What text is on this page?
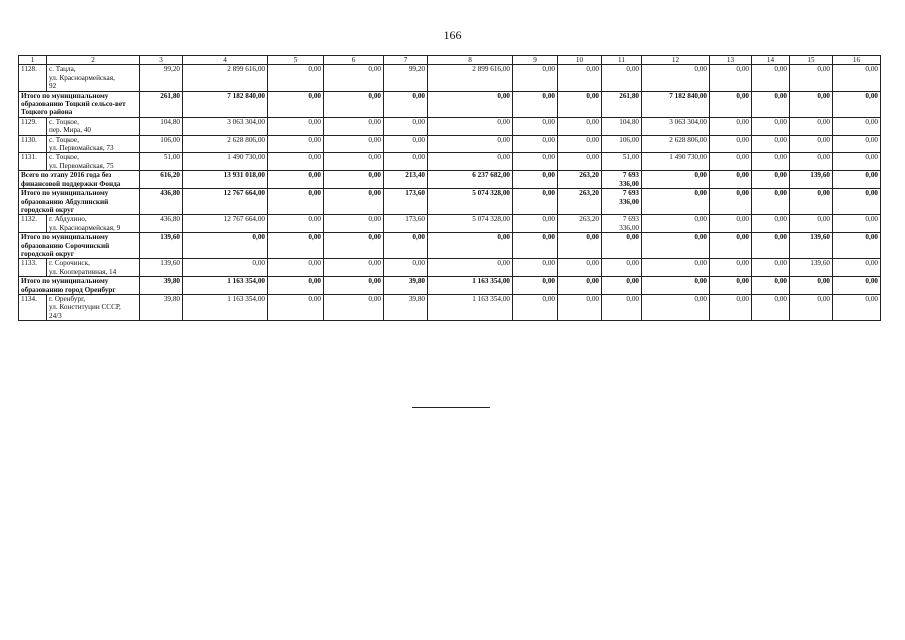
166
1	2	3	4	5	6	7	8	9	10	11	12	13	14	15	16
1128.	с. Тацла,
ул. Красноармейская,
92	99,20	2 899 616,00	0,00	0,00	99,20	2 899 616,00	0,00	0,00	0,00	0,00	0,00	0,00	0,00	0,00
Итого по муниципальному образованию Тоцкий сельсо-вет Тоцкого района		261,80	7 182 840,00	0,00	0,00	0,00	0,00	0,00	0,00	261,80	7 182 840,00	0,00	0,00	0,00	0,00
1129.	с. Тоцкое,
пер. Мира, 40	104,80	3 063 304,00	0,00	0,00	0,00	0,00	0,00	0,00	104,80	3 063 304,00	0,00	0,00	0,00	0,00
1130.	с. Тоцкое,
ул. Первомайская, 73	106,00	2 628 806,00	0,00	0,00	0,00	0,00	0,00	0,00	106,00	2 628 806,00	0,00	0,00	0,00	0,00
1131.	с. Тоцкое,
ул. Первомайская, 75	51,00	1 490 730,00	0,00	0,00	0,00	0,00	0,00	0,00	51,00	1 490 730,00	0,00	0,00	0,00	0,00
Всего по этапу 2016 года без финансовой поддержки Фонда		616,20	13 931 018,00	0,00	0,00	213,40	6 237 682,00	0,00	263,20	7 693 336,00	0,00	0,00	0,00	139,60	0,00
Итого по муниципальному образованию Абдулинский городской округ		436,80	12 767 664,00	0,00	0,00	173,60	5 074 328,00	0,00	263,20	7 693 336,00	0,00	0,00	0,00	0,00	0,00
1132.	г. Абдулино,
ул. Красноармейская, 9	436,80	12 767 664,00	0,00	0,00	173,60	5 074 328,00	0,00	263,20	7 693 336,00	0,00	0,00	0,00	0,00	0,00
Итого по муниципальному образованию Сорочинский городской округ		139,60	0,00	0,00	0,00	0,00	0,00	0,00	0,00	0,00	0,00	0,00	0,00	139,60	0,00
1133.	г. Сорочинск,
ул. Кооперативная, 14	139,60	0,00	0,00	0,00	0,00	0,00	0,00	0,00	0,00	0,00	0,00	0,00	139,60	0,00
Итого по муниципальному образованию город Оренбург		39,80	1 163 354,00	0,00	0,00	39,80	1 163 354,00	0,00	0,00	0,00	0,00	0,00	0,00	0,00	0,00
1134.	г. Оренбург,
ул. Конституции СССР,
24/3	39,80	1 163 354,00	0,00	0,00	39,80	1 163 354,00	0,00	0,00	0,00	0,00	0,00	0,00	0,00	0,00
